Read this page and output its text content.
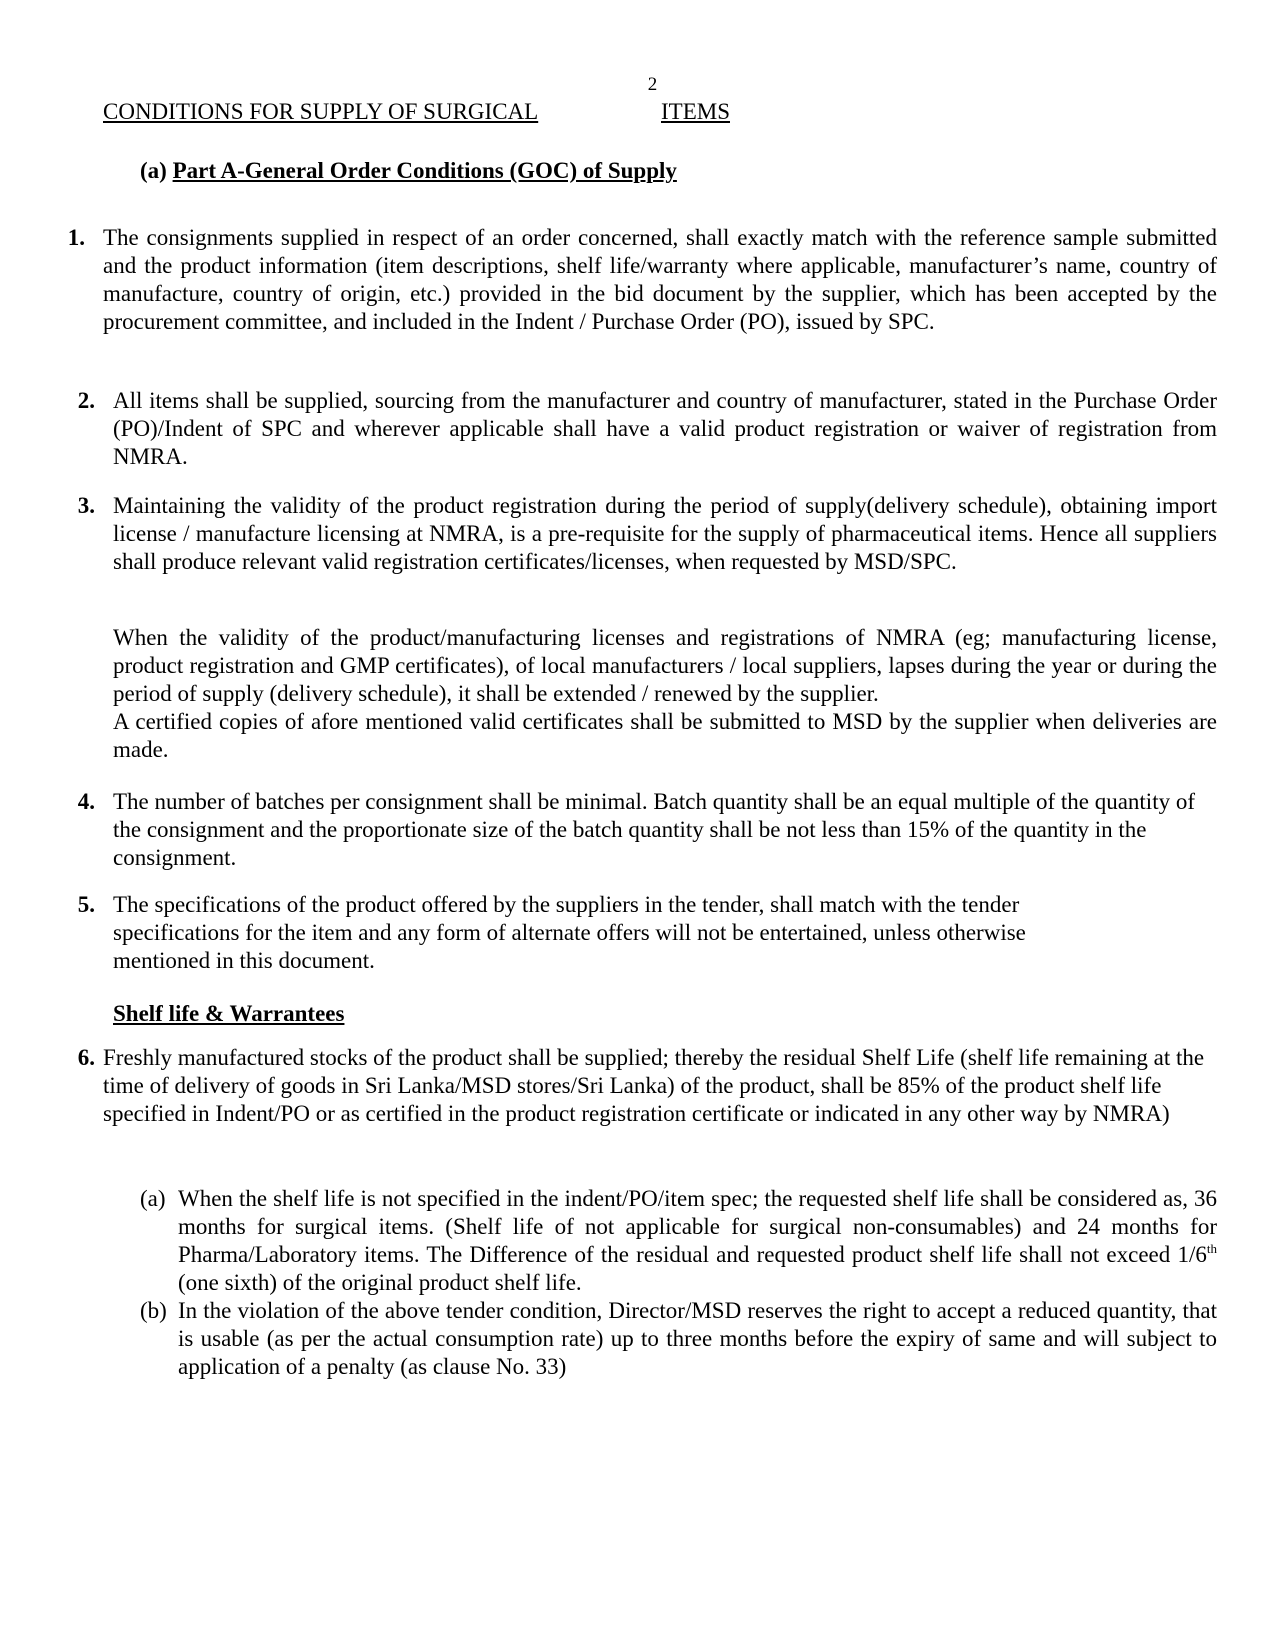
2
CONDITIONS FOR SUPPLY OF SURGICAL	ITEMS
(a) Part A-General Order Conditions (GOC) of Supply
1. The consignments supplied in respect of an order concerned, shall exactly match with the reference sample submitted and the product information (item descriptions, shelf life/warranty where applicable, manufacturer’s name, country of manufacture, country of origin, etc.) provided in the bid document by the supplier, which has been accepted by the procurement committee, and included in the Indent / Purchase Order (PO), issued by SPC.
2. All items shall be supplied, sourcing from the manufacturer and country of manufacturer, stated in the Purchase Order (PO)/Indent of SPC and wherever applicable shall have a valid product registration or waiver of registration from NMRA.
3. Maintaining the validity of the product registration during the period of supply(delivery schedule), obtaining import license / manufacture licensing at NMRA, is a pre-requisite for the supply of pharmaceutical items. Hence all suppliers shall produce relevant valid registration certificates/licenses, when requested by MSD/SPC.
When the validity of the product/manufacturing licenses and registrations of NMRA (eg; manufacturing license, product registration and GMP certificates), of local manufacturers / local suppliers, lapses during the year or during the period of supply (delivery schedule), it shall be extended / renewed by the supplier.
A certified copies of afore mentioned valid certificates shall be submitted to MSD by the supplier when deliveries are made.
4. The number of batches per consignment shall be minimal. Batch quantity shall be an equal multiple of the quantity of the consignment and the proportionate size of the batch quantity shall be not less than 15% of the quantity in the consignment.
5. The specifications of the product offered by the suppliers in the tender, shall match with the tender specifications for the item and any form of alternate offers will not be entertained, unless otherwise mentioned in this document.
Shelf life & Warrantees
6. Freshly manufactured stocks of the product shall be supplied; thereby the residual Shelf Life (shelf life remaining at the time of delivery of goods in Sri Lanka/MSD stores/Sri Lanka) of the product, shall be 85% of the product shelf life specified in Indent/PO or as certified in the product registration certificate or indicated in any other way by NMRA)
(a) When the shelf life is not specified in the indent/PO/item spec; the requested shelf life shall be considered as, 36 months for surgical items. (Shelf life of not applicable for surgical non-consumables) and 24 months for Pharma/Laboratory items. The Difference of the residual and requested product shelf life shall not exceed 1/6th (one sixth) of the original product shelf life.
(b) In the violation of the above tender condition, Director/MSD reserves the right to accept a reduced quantity, that is usable (as per the actual consumption rate) up to three months before the expiry of same and will subject to application of a penalty (as clause No. 33)
